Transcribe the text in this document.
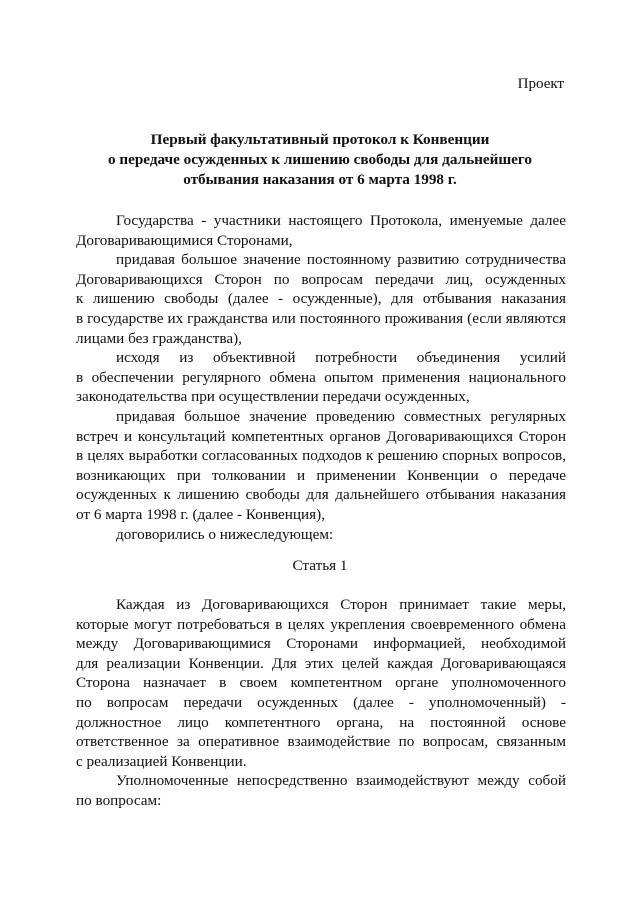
Проект
Первый факультативный протокол к Конвенции
о передаче осужденных к лишению свободы для дальнейшего
отбывания наказания от 6 марта 1998 г.
Государства - участники настоящего Протокола, именуемые далее
Договаривающимися Сторонами,
придавая большое значение постоянному развитию сотрудничества
Договаривающихся Сторон по вопросам передачи лиц, осужденных
к лишению свободы (далее - осужденные), для отбывания наказания
в государстве их гражданства или постоянного проживания (если являются
лицами без гражданства),
исходя из объективной потребности объединения усилий
в обеспечении регулярного обмена опытом применения национального
законодательства при осуществлении передачи осужденных,
придавая большое значение проведению совместных регулярных
встреч и консультаций компетентных органов Договаривающихся Сторон
в целях выработки согласованных подходов к решению спорных вопросов,
возникающих при толковании и применении Конвенции о передаче
осужденных к лишению свободы для дальнейшего отбывания наказания
от 6 марта 1998 г. (далее - Конвенция),
договорились о нижеследующем:
Статья 1
Каждая из Договаривающихся Сторон принимает такие меры,
которые могут потребоваться в целях укрепления своевременного обмена
между Договаривающимися Сторонами информацией, необходимой
для реализации Конвенции. Для этих целей каждая Договаривающаяся
Сторона назначает в своем компетентном органе уполномоченного
по вопросам передачи осужденных (далее - уполномоченный) -
должностное лицо компетентного органа, на постоянной основе
ответственное за оперативное взаимодействие по вопросам, связанным
с реализацией Конвенции.
Уполномоченные непосредственно взаимодействуют между собой
по вопросам:
